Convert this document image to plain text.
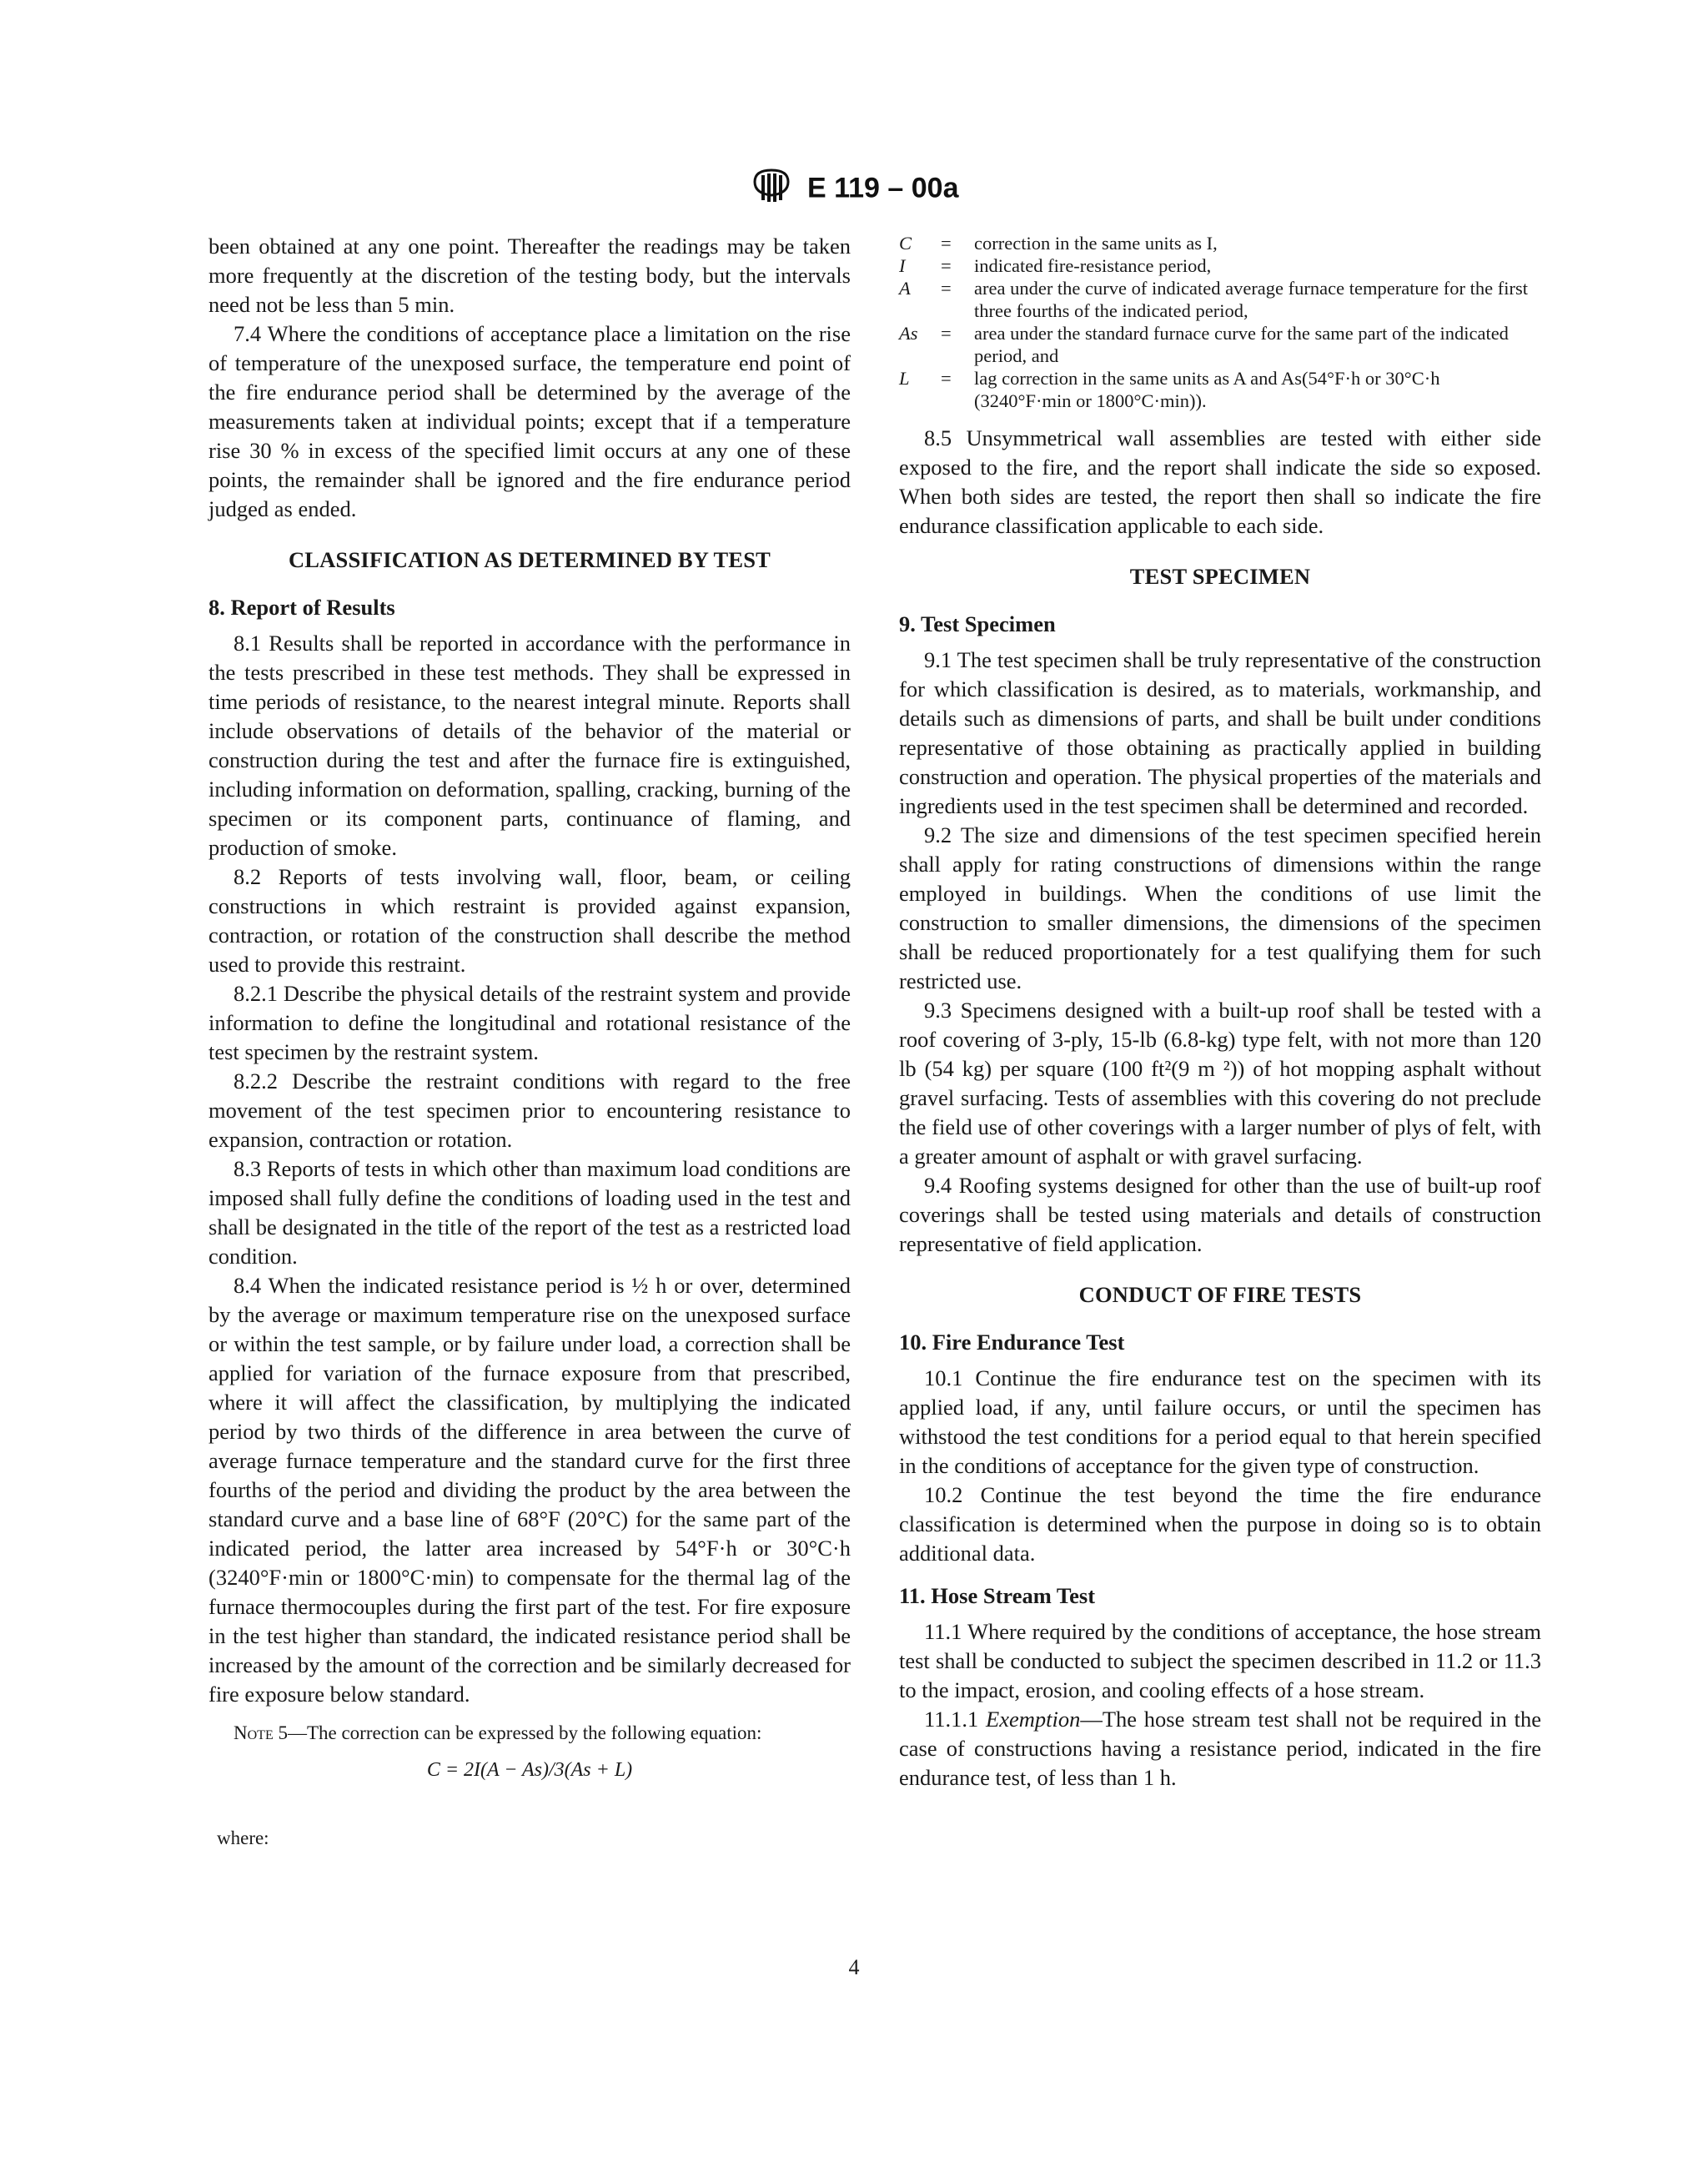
E 119 – 00a

been obtained at any one point. Thereafter the readings may be taken more frequently at the discretion of the testing body, but the intervals need not be less than 5 min.

7.4 Where the conditions of acceptance place a limitation on the rise of temperature of the unexposed surface, the temperature end point of the fire endurance period shall be determined by the average of the measurements taken at individual points; except that if a temperature rise 30 % in excess of the specified limit occurs at any one of these points, the remainder shall be ignored and the fire endurance period judged as ended.

CLASSIFICATION AS DETERMINED BY TEST
8. Report of Results

8.1 Results shall be reported in accordance with the performance in the tests prescribed in these test methods. They shall be expressed in time periods of resistance, to the nearest integral minute. Reports shall include observations of details of the behavior of the material or construction during the test and after the furnace fire is extinguished, including information on deformation, spalling, cracking, burning of the specimen or its component parts, continuance of flaming, and production of smoke.

8.2 Reports of tests involving wall, floor, beam, or ceiling constructions in which restraint is provided against expansion, contraction, or rotation of the construction shall describe the method used to provide this restraint.

8.2.1 Describe the physical details of the restraint system and provide information to define the longitudinal and rotational resistance of the test specimen by the restraint system.

8.2.2 Describe the restraint conditions with regard to the free movement of the test specimen prior to encountering resistance to expansion, contraction or rotation.

8.3 Reports of tests in which other than maximum load conditions are imposed shall fully define the conditions of loading used in the test and shall be designated in the title of the report of the test as a restricted load condition.

8.4 When the indicated resistance period is ½ h or over, determined by the average or maximum temperature rise on the unexposed surface or within the test sample, or by failure under load, a correction shall be applied for variation of the furnace exposure from that prescribed, where it will affect the classification, by multiplying the indicated period by two thirds of the difference in area between the curve of average furnace temperature and the standard curve for the first three fourths of the period and dividing the product by the area between the standard curve and a base line of 68°F (20°C) for the same part of the indicated period, the latter area increased by 54°F·h or 30°C·h (3240°F·min or 1800°C·min) to compensate for the thermal lag of the furnace thermocouples during the first part of the test. For fire exposure in the test higher than standard, the indicated resistance period shall be increased by the amount of the correction and be similarly decreased for fire exposure below standard.

Note 5—The correction can be expressed by the following equation:

C = 2I(A − As)/3(As + L)
where:
C	=	correction in the same units as I,
I	=	indicated fire-resistance period,
A	=	area under the curve of indicated average furnace temperature for the first three fourths of the indicated period,
As	=	area under the standard furnace curve for the same part of the indicated period, and
L	=	lag correction in the same units as A and As(54°F·h or 30°C·h (3240°F·min or 1800°C·min)).

8.5 Unsymmetrical wall assemblies are tested with either side exposed to the fire, and the report shall indicate the side so exposed. When both sides are tested, the report then shall so indicate the fire endurance classification applicable to each side.

TEST SPECIMEN
9. Test Specimen

9.1 The test specimen shall be truly representative of the construction for which classification is desired, as to materials, workmanship, and details such as dimensions of parts, and shall be built under conditions representative of those obtaining as practically applied in building construction and operation. The physical properties of the materials and ingredients used in the test specimen shall be determined and recorded.

9.2 The size and dimensions of the test specimen specified herein shall apply for rating constructions of dimensions within the range employed in buildings. When the conditions of use limit the construction to smaller dimensions, the dimensions of the specimen shall be reduced proportionately for a test qualifying them for such restricted use.

9.3 Specimens designed with a built-up roof shall be tested with a roof covering of 3-ply, 15-lb (6.8-kg) type felt, with not more than 120 lb (54 kg) per square (100 ft²(9 m ²)) of hot mopping asphalt without gravel surfacing. Tests of assemblies with this covering do not preclude the field use of other coverings with a larger number of plys of felt, with a greater amount of asphalt or with gravel surfacing.

9.4 Roofing systems designed for other than the use of built-up roof coverings shall be tested using materials and details of construction representative of field application.

CONDUCT OF FIRE TESTS
10. Fire Endurance Test

10.1 Continue the fire endurance test on the specimen with its applied load, if any, until failure occurs, or until the specimen has withstood the test conditions for a period equal to that herein specified in the conditions of acceptance for the given type of construction.

10.2 Continue the test beyond the time the fire endurance classification is determined when the purpose in doing so is to obtain additional data.

11. Hose Stream Test

11.1 Where required by the conditions of acceptance, the hose stream test shall be conducted to subject the specimen described in 11.2 or 11.3 to the impact, erosion, and cooling effects of a hose stream.

11.1.1 Exemption—The hose stream test shall not be required in the case of constructions having a resistance period, indicated in the fire endurance test, of less than 1 h.

4
